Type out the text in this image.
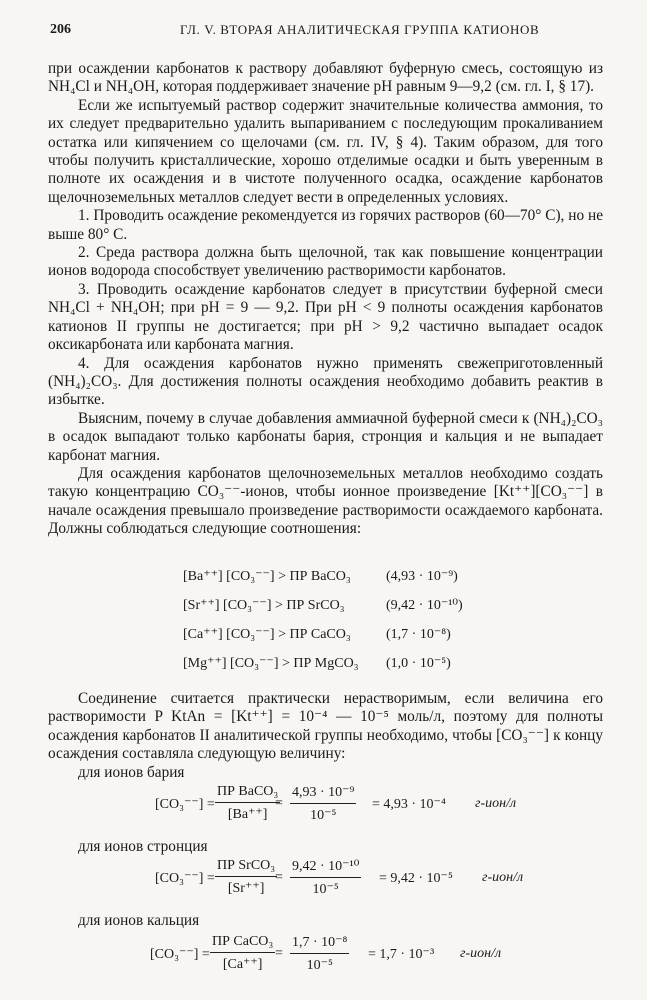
206	ГЛ. V. ВТОРАЯ АНАЛИТИЧЕСКАЯ ГРУППА КАТИОНОВ

при осаждении карбонатов к раствору добавляют буферную смесь, состоящую из NH₄Cl и NH₄OH, которая поддерживает значение pH равным 9—9,2 (см. гл. I, § 17).

Если же испытуемый раствор содержит значительные количества аммония, то их следует предварительно удалить выпариванием с последующим прокаливанием остатка или кипячением со щелочами (см. гл. IV, § 4). Таким образом, для того чтобы получить кристаллические, хорошо отделимые осадки и быть уверенным в полноте их осаждения и в чистоте полученного осадка, осаждение карбонатов щелочноземельных металлов следует вести в определенных условиях.

1. Проводить осаждение рекомендуется из горячих растворов (60—70° C), но не выше 80° C.

2. Среда раствора должна быть щелочной, так как повышение концентрации ионов водорода способствует увеличению растворимости карбонатов.

3. Проводить осаждение карбонатов следует в присутствии буферной смеси NH₄Cl + NH₄OH; при pH = 9 — 9,2. При pH < 9 полноты осаждения карбонатов катионов II группы не достигается; при pH > 9,2 частично выпадает осадок оксикарбоната или карбоната магния.

4. Для осаждения карбонатов нужно применять свежеприготовленный (NH₄)₂CO₃. Для достижения полноты осаждения необходимо добавить реактив в избытке.

Выясним, почему в случае добавления аммиачной буферной смеси к (NH₄)₂CO₃ в осадок выпадают только карбонаты бария, стронция и кальция и не выпадает карбонат магния.

Для осаждения карбонатов щелочноземельных металлов необходимо создать такую концентрацию CO₃⁻⁻-ионов, чтобы ионное произведение [Kt⁺⁺][CO₃⁻⁻] в начале осаждения превышало произведение растворимости осаждаемого карбоната. Должны соблюдаться следующие соотношения:

[Ba⁺⁺] [CO₃⁻⁻] > ПР BaCO₃	(4,93 · 10⁻⁹)
[Sr⁺⁺] [CO₃⁻⁻] > ПР SrCO₃	(9,42 · 10⁻¹⁰)
[Ca⁺⁺] [CO₃⁻⁻] > ПР CaCO₃	(1,7 · 10⁻⁸)
[Mg⁺⁺] [CO₃⁻⁻] > ПР MgCO₃ (1,0 · 10⁻⁵)

Соединение считается практически нерастворимым, если величина его растворимости P KtAn = [Kt⁺⁺] = 10⁻⁴ — 10⁻⁵ моль/л, поэтому для полноты осаждения карбонатов II аналитической группы необходимо, чтобы [CO₃⁻⁻] к концу осаждения составляла следующую величину:

для ионов бария
[CO₃⁻⁻] =
ПР BaCO₃
[Ba⁺⁺]
= $\frac{\text{4,93 · 10⁻⁹}}{\text{10⁻⁵}} = 4,93 \cdot 10^{-4}$ г-ион/л
для ионов стронция
[CO₃⁻⁻] =
ПР SrCO₃
[Sr⁺⁺]
= $\frac{\text{9,42 · 10⁻¹⁰}}{\text{10⁻⁵}} = 9,42 \cdot 10^{-5}$ г-ион/л
для ионов кальция
[CO₃⁻⁻] =
ПР CaCO₃
[Ca⁺⁺]
= $\frac{\text{1,7 · 10⁻⁸}}{\text{10⁻⁵}} = 1,7 \cdot 10^{-3}$ г-ион/л
